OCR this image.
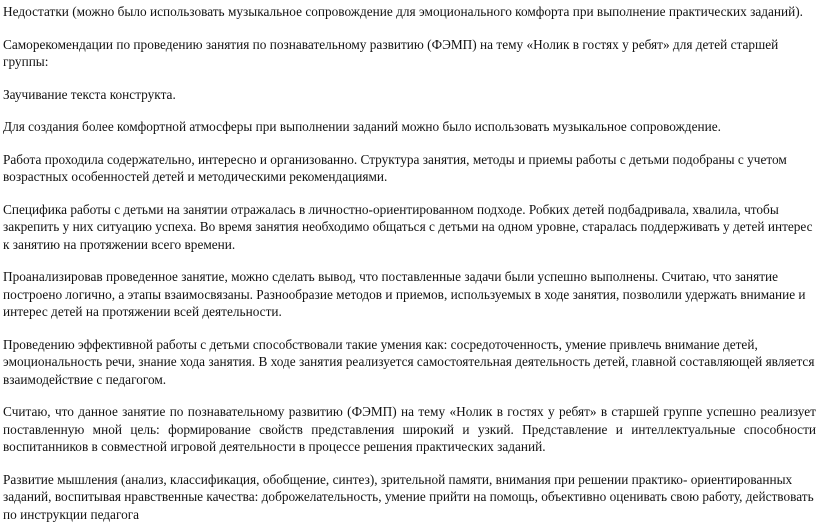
Недостатки (можно было использовать музыкальное сопровождение для эмоционального комфорта при выполнение практических заданий).

Саморекомендации по проведению занятия по познавательному развитию (ФЭМП) на тему «Нолик в гостях у ребят» для детей старшей группы:

Заучивание текста конструкта.

Для создания более комфортной атмосферы при выполнении заданий можно было использовать музыкальное сопровождение.

Работа проходила содержательно, интересно и организованно. Структура занятия, методы и приемы работы с детьми подобраны с учетом возрастных особенностей детей и методическими рекомендациями.

Специфика работы с детьми на занятии отражалась в личностно-ориентированном подходе. Робких детей подбадривала, хвалила, чтобы закрепить у них ситуацию успеха. Во время занятия необходимо общаться с детьми на одном уровне, старалась поддерживать у детей интерес к занятию на протяжении всего времени.

Проанализировав проведенное занятие, можно сделать вывод, что поставленные задачи были успешно выполнены. Считаю, что занятие построено логично, а этапы взаимосвязаны. Разнообразие методов и приемов, используемых в ходе занятия, позволили удержать внимание и интерес детей на протяжении всей деятельности.

Проведению эффективной работы с детьми способствовали такие умения как: сосредоточенность, умение привлечь внимание детей, эмоциональность речи, знание хода занятия. В ходе занятия реализуется самостоятельная деятельность детей, главной составляющей является взаимодействие с педагогом.

Считаю, что данное занятие по познавательному развитию (ФЭМП) на тему «Нолик в гостях у ребят» в старшей группе успешно реализует поставленную мной цель: формирование свойств представления широкий и узкий. Представление и интеллектуальные способности воспитанников в совместной игровой деятельности в процессе решения практических заданий.

Развитие мышления (анализ, классификация, обобщение, синтез), зрительной памяти, внимания при решении практико- ориентированных заданий, воспитывая нравственные качества: доброжелательность, умение прийти на помощь, объективно оценивать свою работу, действовать по инструкции педагога
